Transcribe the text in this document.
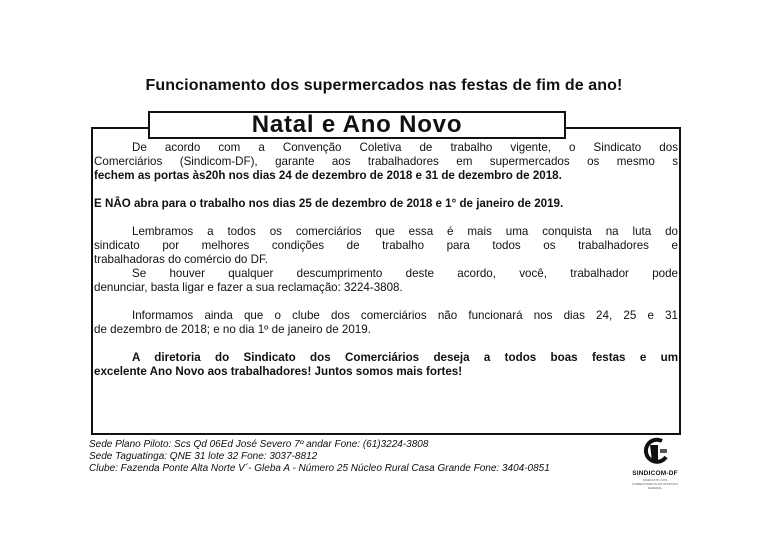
Funcionamento dos supermercados nas festas de fim de ano!
Natal e Ano Novo

De acordo com a Convenção Coletiva de trabalho vigente, o Sindicato dos

Comerciários (Sindicom-DF), garante aos trabalhadores em supermercados os mesmo s

fechem as portas às20h nos dias 24 de dezembro de 2018 e 31 de dezembro de 2018.

E NÂO abra para o trabalho nos dias 25 de dezembro de 2018 e 1° de janeiro de 2019.

Lembramos a todos os comerciários que essa é mais uma conquista na luta do

sindicato por melhores condições de trabalho para todos os trabalhadores e

trabalhadoras do comércio do DF.

Se houver qualquer descumprimento deste acordo, você, trabalhador pode

denunciar, basta ligar e fazer a sua reclamação: 3224-3808.

Informamos ainda que o clube dos comerciários não funcionará nos dias 24, 25 e 31

de dezembro de 2018; e no dia 1º de janeiro de 2019.

A diretoria do Sindicato dos Comerciários deseja a todos boas festas e um

excelente Ano Novo aos trabalhadores! Juntos somos mais fortes!

Sede Plano Piloto: Scs Qd 06Ed José Severo 7º andar Fone: (61)3224-3808
Sede Taguatinga: QNE 31 lote 32 Fone: 3037-8812
Clube: Fazenda Ponte Alta Norte V´- Gleba A - Número 25 Núcleo Rural Casa Grande Fone: 3404-0851	SINDICOM-DF
SINDICATO DOS COMERCIÁRIOS DO DISTRITO FEDERAL
